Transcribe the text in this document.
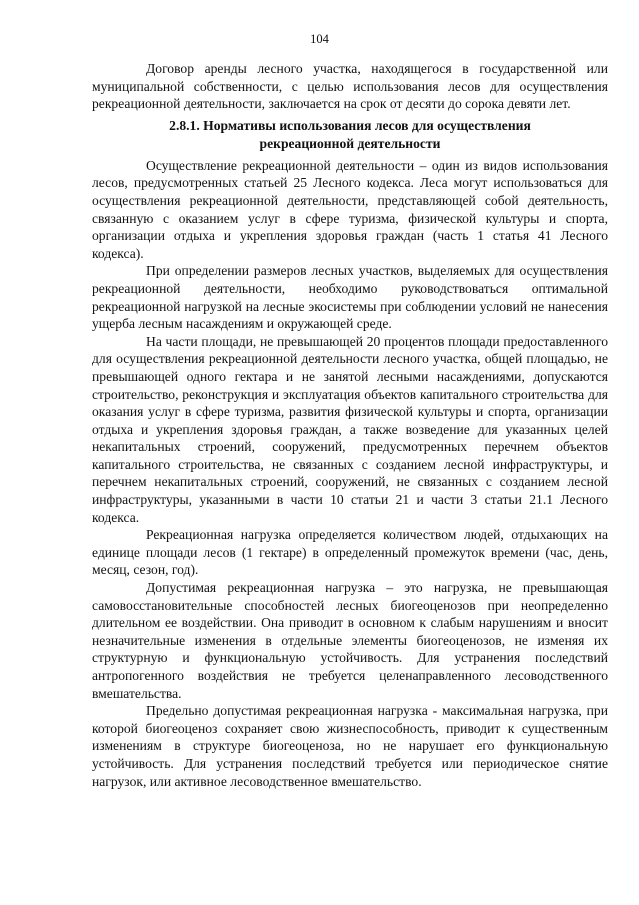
104

Договор аренды лесного участка, находящегося в государственной или муниципальной собственности, с целью использования лесов для осуществления рекреационной деятельности, заключается на срок от десяти до сорока девяти лет.

2.8.1. Нормативы использования лесов для осуществления
рекреационной деятельности

Осуществление рекреационной деятельности – один из видов использования лесов, предусмотренных статьей 25 Лесного кодекса. Леса могут использоваться для осуществления рекреационной деятельности, представляющей собой деятельность, связанную с оказанием услуг в сфере туризма, физической культуры и спорта, организации отдыха и укрепления здоровья граждан (часть 1 статья 41 Лесного кодекса).

При определении размеров лесных участков, выделяемых для осуществления рекреационной деятельности, необходимо руководствоваться оптимальной рекреационной нагрузкой на лесные экосистемы при соблюдении условий не нанесения ущерба лесным насаждениям и окружающей среде.

На части площади, не превышающей 20 процентов площади предоставленного для осуществления рекреационной деятельности лесного участка, общей площадью, не превышающей одного гектара и не занятой лесными насаждениями, допускаются строительство, реконструкция и эксплуатация объектов капитального строительства для оказания услуг в сфере туризма, развития физической культуры и спорта, организации отдыха и укрепления здоровья граждан, а также возведение для указанных целей некапитальных строений, сооружений, предусмотренных перечнем объектов капитального строительства, не связанных с созданием лесной инфраструктуры, и перечнем некапитальных строений, сооружений, не связанных с созданием лесной инфраструктуры, указанными в части 10 статьи 21 и части 3 статьи 21.1 Лесного кодекса.

Рекреационная нагрузка определяется количеством людей, отдыхающих на единице площади лесов (1 гектаре) в определенный промежуток времени (час, день, месяц, сезон, год).

Допустимая рекреационная нагрузка – это нагрузка, не превышающая самовосстановительные способностей лесных биогеоценозов при неопределенно длительном ее воздействии. Она приводит в основном к слабым нарушениям и вносит незначительные изменения в отдельные элементы биогеоценозов, не изменяя их структурную и функциональную устойчивость. Для устранения последствий антропогенного воздействия не требуется целенаправленного лесоводственного вмешательства.

Предельно допустимая рекреационная нагрузка - максимальная нагрузка, при которой биогеоценоз сохраняет свою жизнеспособность, приводит к существенным изменениям в структуре биогеоценоза, но не нарушает его функциональную устойчивость. Для устранения последствий требуется или периодическое снятие нагрузок, или активное лесоводственное вмешательство.
